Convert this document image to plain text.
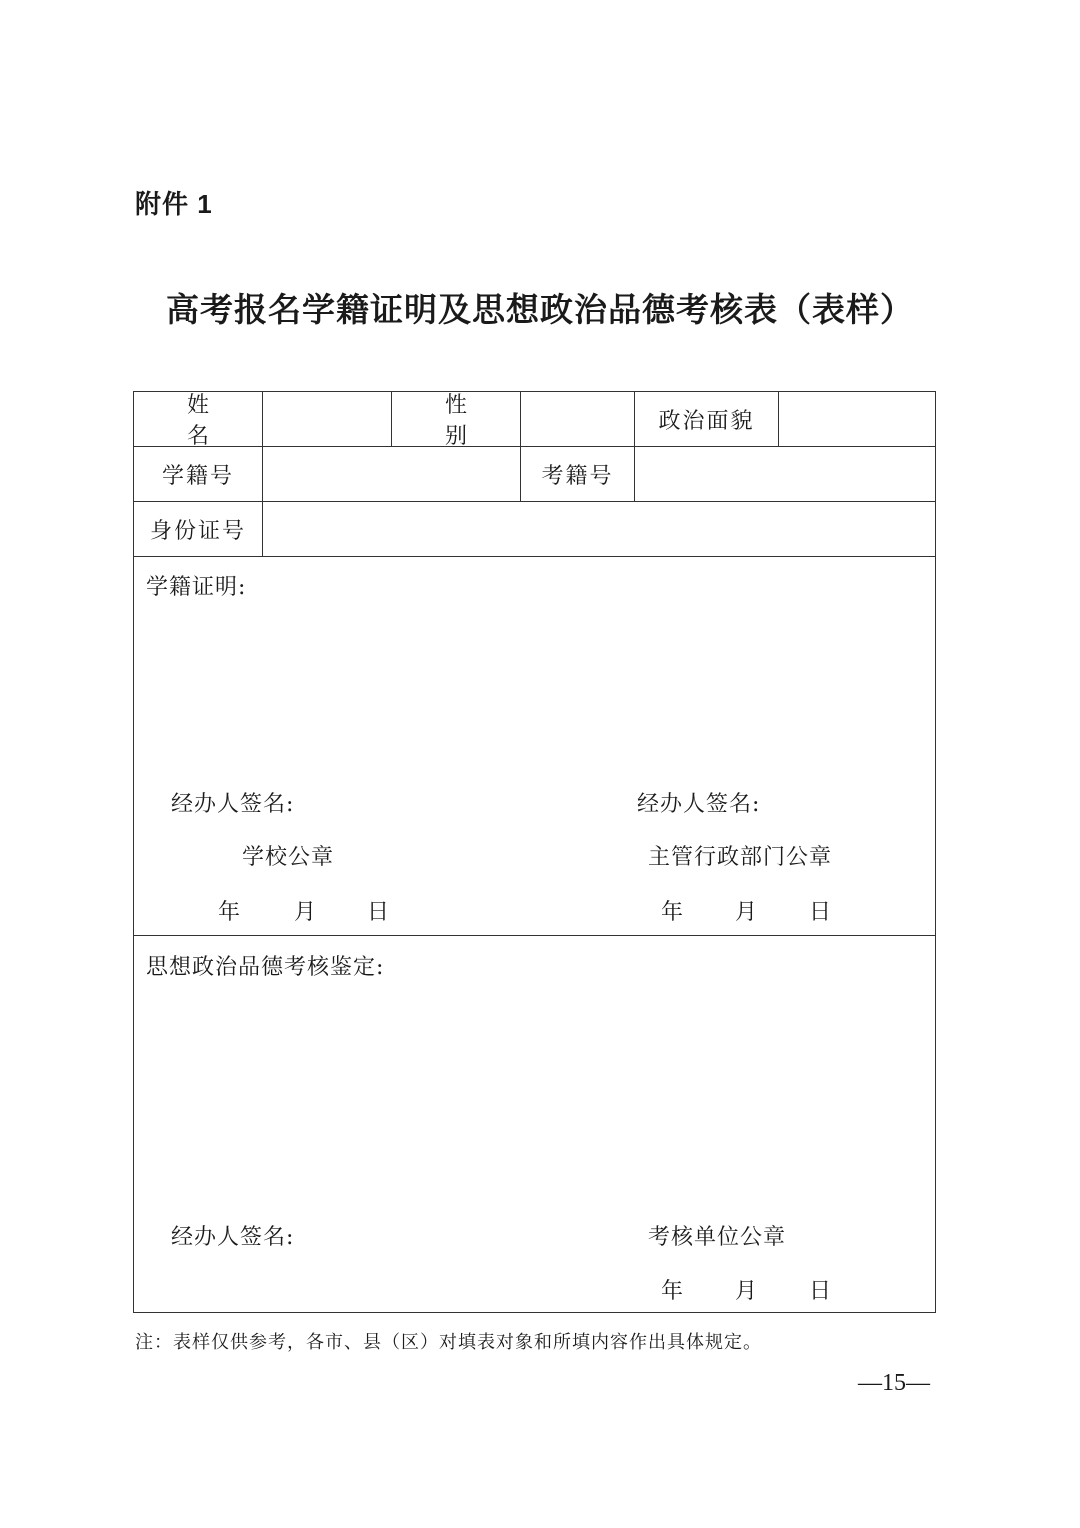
附件 1
高考报名学籍证明及思想政治品德考核表（表样）
姓 名
性 别
政治面貌
学籍号	考籍号
身份证号
学籍证明:
经办人签名:
学校公章
年 月 日
经办人签名:
主管行政部门公章
年 月 日
思想政治品德考核鉴定:
经办人签名:	考核单位公章
年 月 日
注：表样仅供参考，各市、县（区）对填表对象和所填内容作出具体规定。
—15—
